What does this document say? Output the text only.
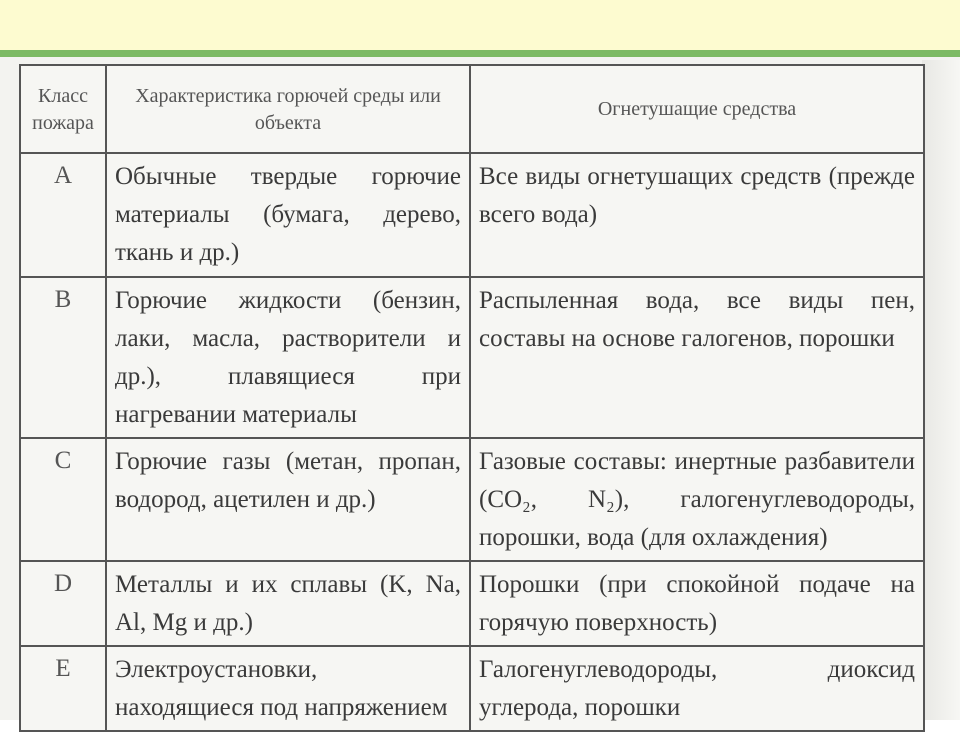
Класс пожара	Характеристика горючей среды или объекта	Огнетушащие средства
A	Обычные твердые горючие материалы (бумага, дерево, ткань и др.)	Все виды огнетушащих средств (прежде всего вода)
B	Горючие жидкости (бензин, лаки, масла, растворители и др.), плавящиеся при нагревании материалы	Распыленная вода, все виды пен, составы на основе галогенов, порошки
C	Горючие газы (метан, пропан, водород, ацетилен и др.)	Газовые составы: инертные разбавители (CO₂, N₂), галогенуглеводороды, порошки, вода (для охлаждения)
D	Металлы и их сплавы (K, Na, Al, Mg и др.)	Порошки (при спокойной подаче на горячую поверхность)
E	Электроустановки, находящиеся под напряжением	Галогенуглеводороды, диоксид углерода, порошки
